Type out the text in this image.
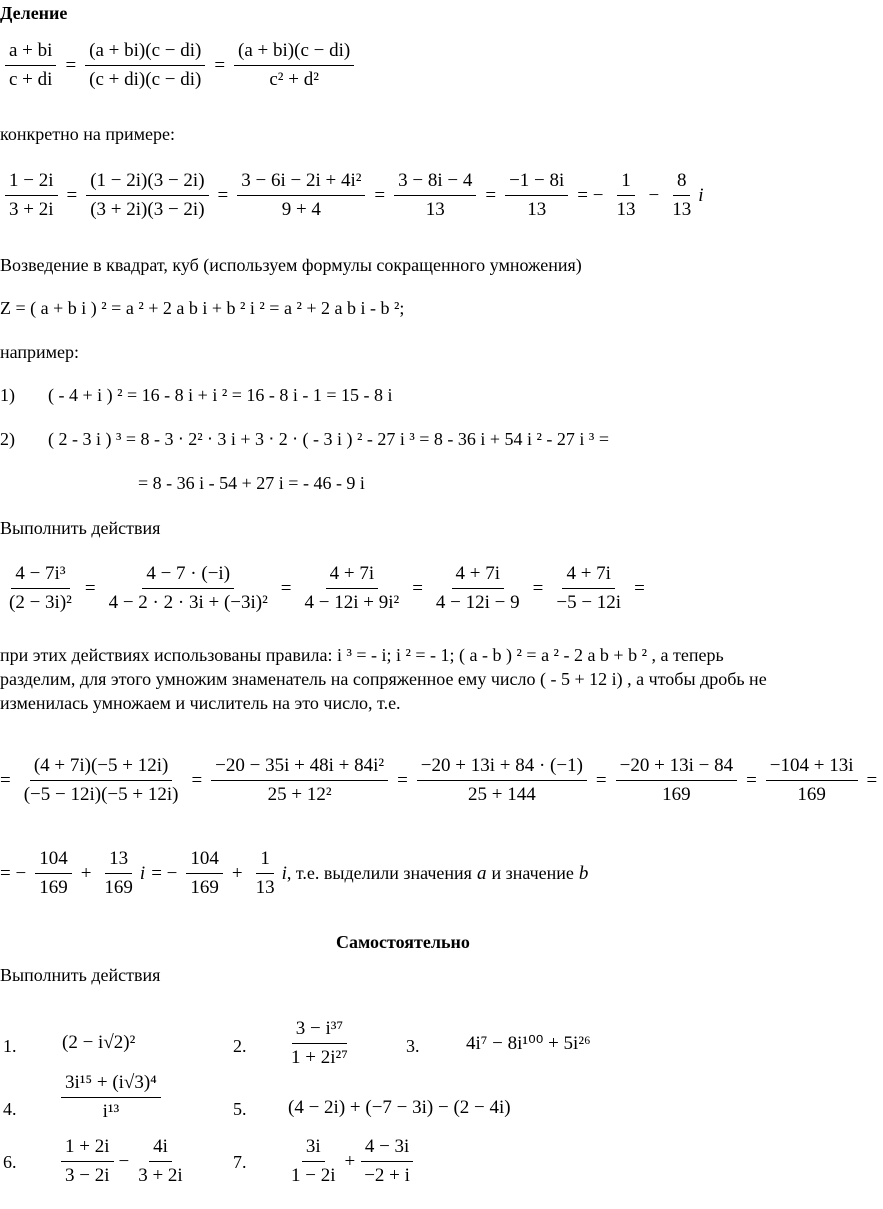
Деление
$\frac{a + bi}{c + di} = \frac{(a + bi)(c - di)}{(c + di)(c - di)} = \frac{(a + bi)(c - di)}{\text{c² + d²}}$
конкретно на примере:
$\frac{1 - 2i}{3 + 2i} = \frac{(1 - 2i)(3 - 2i)}{(3 + 2i)(3 - 2i)} = \frac{\text{3 − 6i − 2i + 4i²}}{9 + 4} = \frac{3 - 8i - 4}{13} = \frac{-1 - 8i}{13}$ = − $\frac{1}{13} - \frac{8}{13}$ i
Возведение в квадрат, куб (используем формулы сокращенного умножения)
Z = ( a + b i ) ² = a ² + 2 a b i + b ² i ² = a ² + 2 a b i - b ²;
например:
1) ( - 4 + i ) ² = 16 - 8 i + i ² = 16 - 8 i - 1 = 15 - 8 i
2) ( 2 - 3 i ) ³ = 8 - 3 ⋅ 2² ⋅ 3 i + 3 ⋅ 2 ⋅ ( - 3 i ) ² - 27 i ³ = 8 - 36 i + 54 i ² - 27 i ³ =
= 8 - 36 i - 54 + 27 i = - 46 - 9 i
Выполнить действия
$\frac{\text{4 − 7i³}}{\text{(2 − 3i)²}} = \frac{4 - 7 \cdot (-i)}{\text{4 − 2 · 2 · 3i + (−3i)²}} = \frac{4 + 7i}{\text{4 − 12i + 9i²}} = \frac{4 + 7i}{4 - 12i - 9} = \frac{4 + 7i}{-5 - 12i}$ =
при этих действиях использованы правила: i ³ = - i; i ² = - 1; ( a - b ) ² = a ² - 2 a b + b ² , а теперь
разделим, для этого умножим знаменатель на сопряженное ему число ( - 5 + 12 i) , а чтобы дробь не
изменилась умножаем и числитель на это число, т.е.
= $\frac{(4 + 7i)(-5 + 12i)}{(-5 - 12i)(-5 + 12i)} = \frac{\text{−20 − 35i + 48i + 84i²}}{\text{25 + 12²}} = \frac{-20 + 13i + 84 \cdot (-1)}{25 + 144} = \frac{-20 + 13i - 84}{169} = \frac{-104 + 13i}{169}$ =
= − $\frac{104}{169} + \frac{13}{169}$ i = − $\frac{104}{169} + \frac{1}{13}$ i , т.е. выделили значения a и значение b
Самостоятельно
Выполнить действия
1. (2 − i√2)²	2. $\frac{\text{3 − i³⁷}}{\text{1 + 2i²⁷}}$	3. 4i⁷ − 8i¹⁰⁰ + 5i²⁶
4. $\frac{\text{3i¹⁵ + (i√3)⁴}}{\text{i¹³}}$	5. (4 − 2i) + (−7 − 3i) − (2 − 4i)
6. $\frac{1 + 2i}{3 - 2i} - \frac{4i}{3 + 2i}$	7. $\frac{3i}{1 - 2i} + \frac{4 - 3i}{-2 + i}$
